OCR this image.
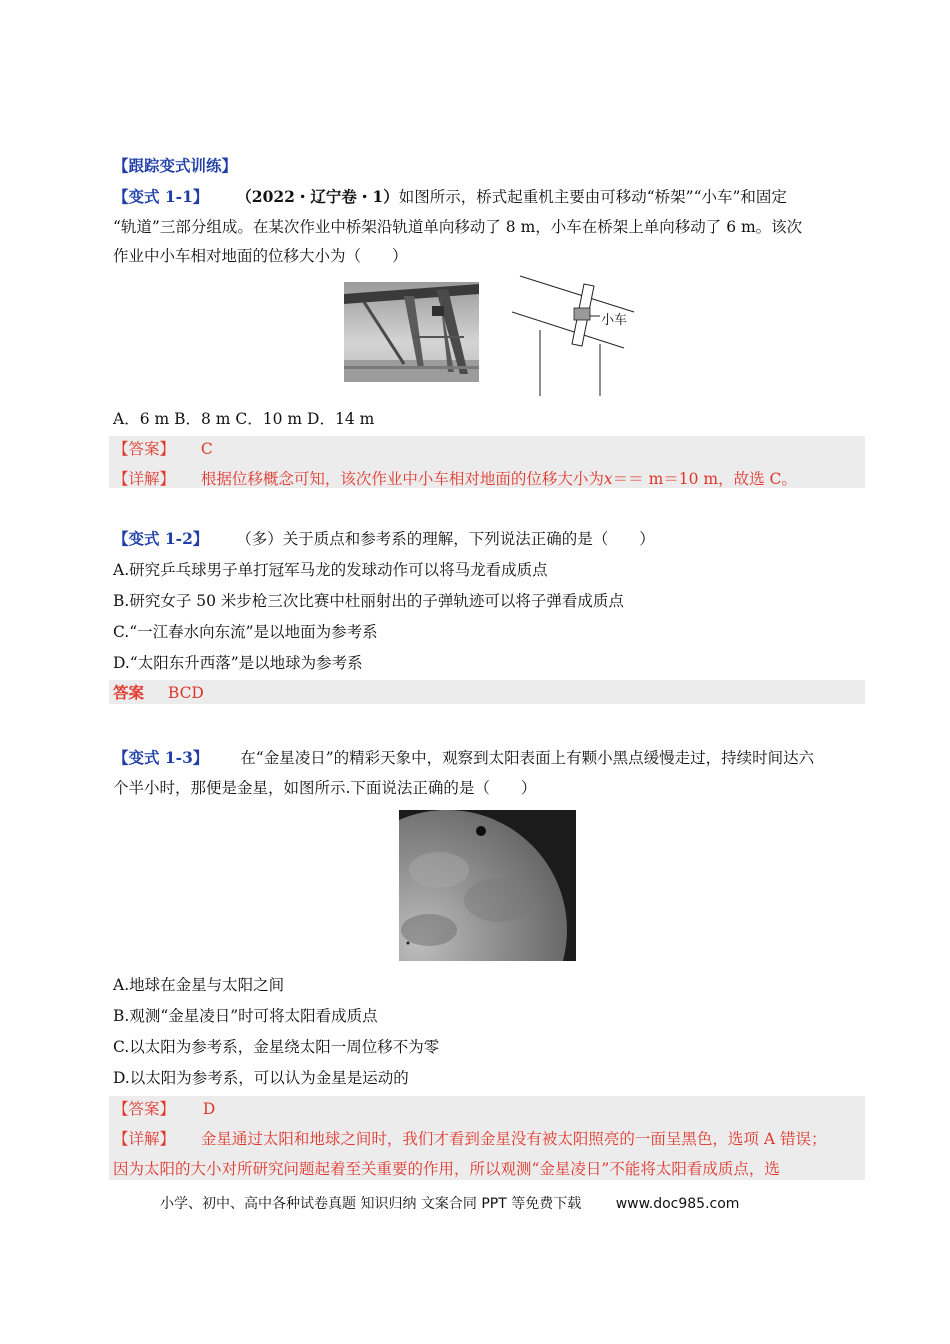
【跟踪变式训练】
【变式 1-1】 （2022・辽宁卷・1）如图所示，桥式起重机主要由可移动“桥架”“小车”和固定
“轨道”三部分组成。在某次作业中桥架沿轨道单向移动了 8 m，小车在桥架上单向移动了 6 m。该次
作业中小车相对地面的位移大小为（　　）
小车
A．6 m B．8 m C．10 m D．14 m
【答案】 C
【详解】 根据位移概念可知，该次作业中小车相对地面的位移大小为x＝＝ m＝10 m，故选 C。
【变式 1-2】 （多）关于质点和参考系的理解，下列说法正确的是（　　）
A.研究乒乓球男子单打冠军马龙的发球动作可以将马龙看成质点
B.研究女子 50 米步枪三次比赛中杜丽射出的子弹轨迹可以将子弹看成质点
C.“一江春水向东流”是以地面为参考系
D.“太阳东升西落”是以地球为参考系
答案 BCD
【变式 1-3】 在“金星凌日”的精彩天象中，观察到太阳表面上有颗小黑点缓慢走过，持续时间达六
个半小时，那便是金星，如图所示.下面说法正确的是（　　）
A.地球在金星与太阳之间
B.观测“金星凌日”时可将太阳看成质点
C.以太阳为参考系，金星绕太阳一周位移不为零
D.以太阳为参考系，可以认为金星是运动的
【答案】 D
【详解】 金星通过太阳和地球之间时，我们才看到金星没有被太阳照亮的一面呈黑色，选项 A 错误；
因为太阳的大小对所研究问题起着至关重要的作用，所以观测“金星凌日”不能将太阳看成质点，选
小学、初中、高中各种试卷真题 知识归纳 文案合同 PPT 等免费下载 www.doc985.com
